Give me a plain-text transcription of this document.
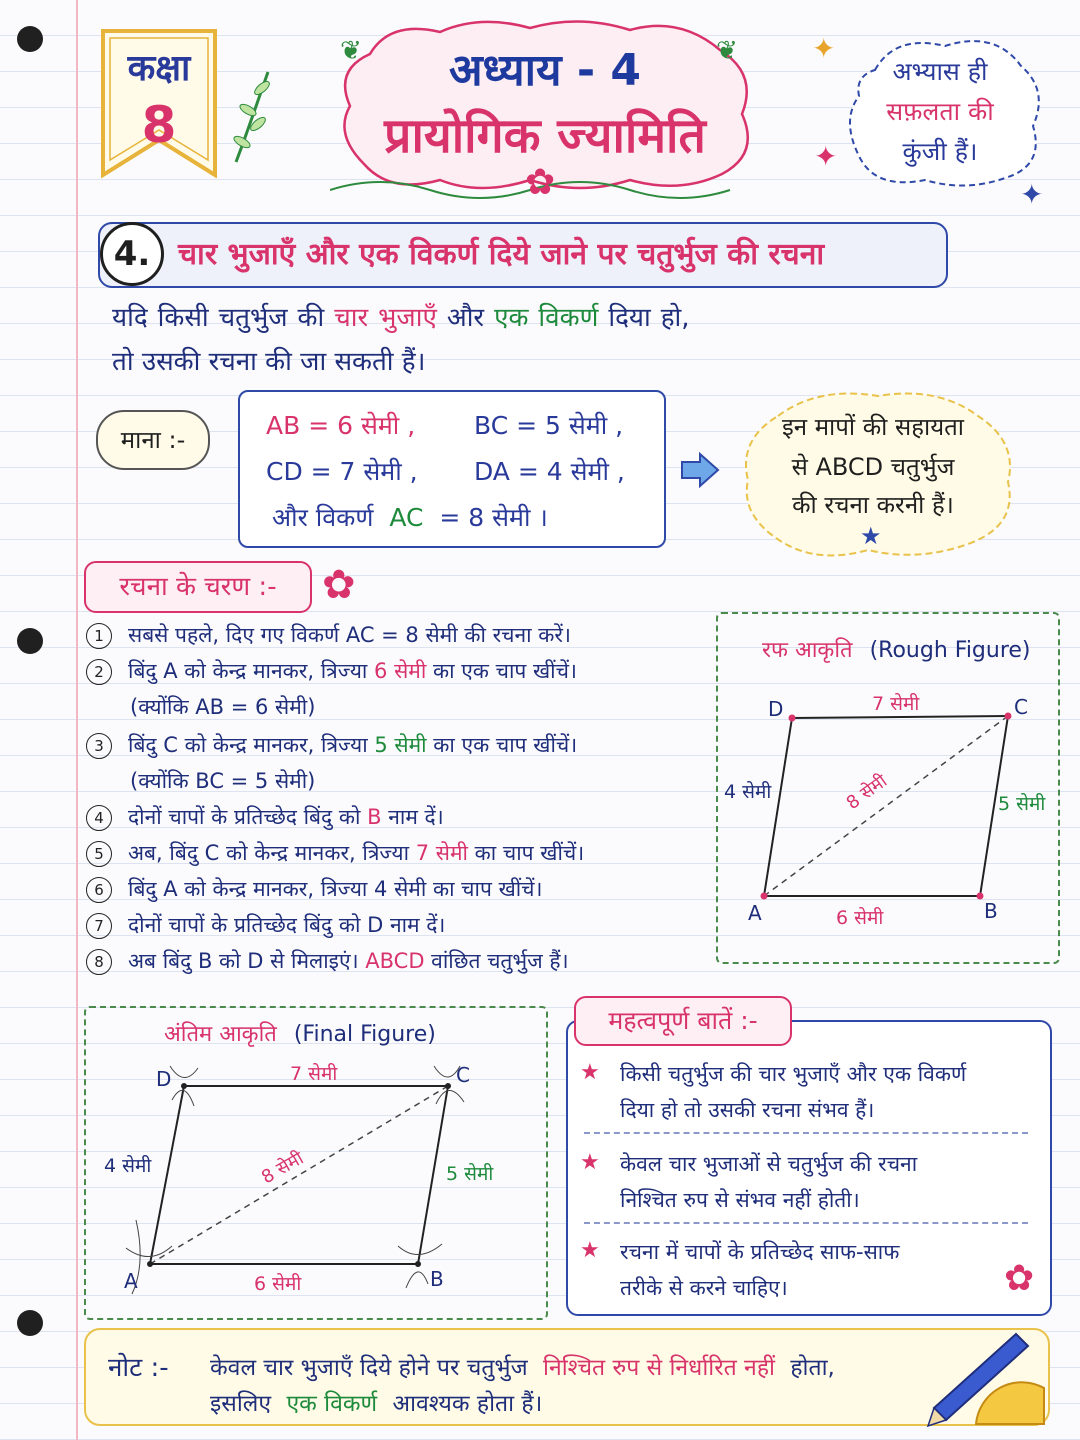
कक्षा
8
अध्याय - 4
प्रायोगिक ज्यामिति
✿
❦	❦
अभ्यास ही
सफ़लता की
कुंजी हैं।
✦
✦
✦
4. चार भुजाएँ और एक विकर्ण दिये जाने पर चतुर्भुज की रचना
यदि किसी चतुर्भुज की चार भुजाएँ और एक विकर्ण दिया हो,
तो उसकी रचना की जा सकती हैं।
माना :-	AB = 6 सेमी , BC = 5 सेमी ,
CD = 7 सेमी , DA = 4 सेमी ,
और विकर्ण AC = 8 सेमी ।
इन मापों की सहायता
से ABCD चतुर्भुज
की रचना करनी हैं।
★
रचना के चरण :-	✿
1 सबसे पहले, दिए गए विकर्ण AC = 8 सेमी की रचना करें।
2 बिंदु A को केन्द्र मानकर, त्रिज्या 6 सेमी का एक चाप खींचें।
(क्योंकि AB = 6 सेमी)
3 बिंदु C को केन्द्र मानकर, त्रिज्या 5 सेमी का एक चाप खींचें।
(क्योंकि BC = 5 सेमी)
4 दोनों चापों के प्रतिच्छेद बिंदु को B नाम दें।
5 अब, बिंदु C को केन्द्र मानकर, त्रिज्या 7 सेमी का चाप खींचें।
6 बिंदु A को केन्द्र मानकर, त्रिज्या 4 सेमी का चाप खींचें।
7 दोनों चापों के प्रतिच्छेद बिंदु को D नाम दें।
8 अब बिंदु B को D से मिलाइएं। ABCD वांछित चतुर्भुज हैं।
रफ आकृति (Rough Figure)
D	C
A	B
7 सेमी
4 सेमी
5 सेमी
6 सेमी
8 सेमी
अंतिम आकृति (Final Figure)
D	C
A	B
7 सेमी
4 सेमी	5 सेमी
6 सेमी
8 सेमी
महत्वपूर्ण बातें :-
★ किसी चतुर्भुज की चार भुजाएँ और एक विकर्ण
दिया हो तो उसकी रचना संभव हैं।
★ केवल चार भुजाओं से चतुर्भुज की रचना
निश्चित रुप से संभव नहीं होती।
★ रचना में चापों के प्रतिच्छेद साफ-साफ
तरीके से करने चाहिए।	✿
नोट :- केवल चार भुजाएँ दिये होने पर चतुर्भुज निश्चित रुप से निर्धारित नहीं होता,
इसलिए एक विकर्ण आवश्यक होता हैं।
